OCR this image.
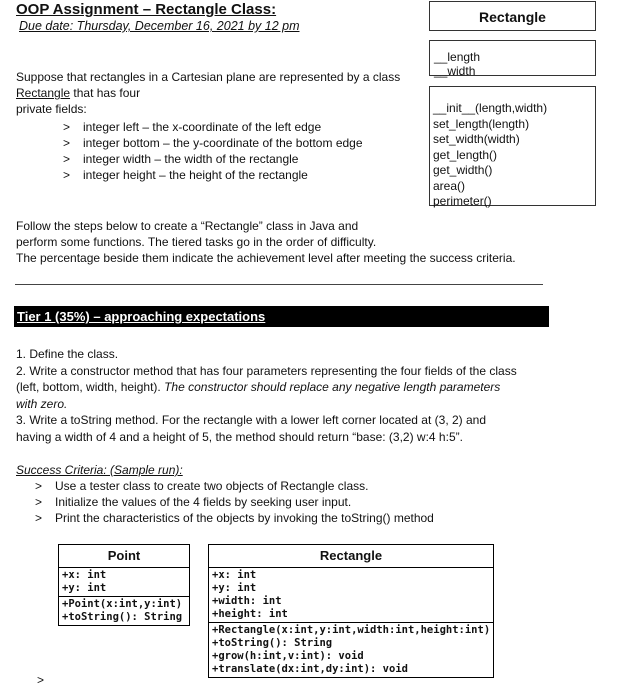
OOP Assignment – Rectangle Class:
Due date: Thursday, December 16, 2021 by 12 pm
Rectangle
__length
__width
__init__(length,width)
set_length(length)
set_width(width)
get_length()
get_width()
area()
perimeter()
Suppose that rectangles in a Cartesian plane are represented by a class
Rectangle that has four
private fields:
> integer left – the x-coordinate of the left edge
> integer bottom – the y-coordinate of the bottom edge
> integer width – the width of the rectangle
> integer height – the height of the rectangle
Follow the steps below to create a “Rectangle” class in Java and
perform some functions. The tiered tasks go in the order of difficulty.
The percentage beside them indicate the achievement level after meeting the success criteria.
Tier 1 (35%) – approaching expectations
1. Define the class.
2. Write a constructor method that has four parameters representing the four fields of the class
(left, bottom, width, height). The constructor should replace any negative length parameters
with zero.
3. Write a toString method. For the rectangle with a lower left corner located at (3, 2) and
having a width of 4 and a height of 5, the method should return “base: (3,2) w:4 h:5”.
Success Criteria: (Sample run):
> Use a tester class to create two objects of Rectangle class.
> Initialize the values of the 4 fields by seeking user input.
> Print the characteristics of the objects by invoking the toString() method
Point
+x: int
+y: int
+Point(x:int,y:int)
+toString(): String
Rectangle
+x: int
+y: int
+width: int
+height: int
+Rectangle(x:int,y:int,width:int,height:int)
+toString(): String
+grow(h:int,v:int): void
+translate(dx:int,dy:int): void
>
